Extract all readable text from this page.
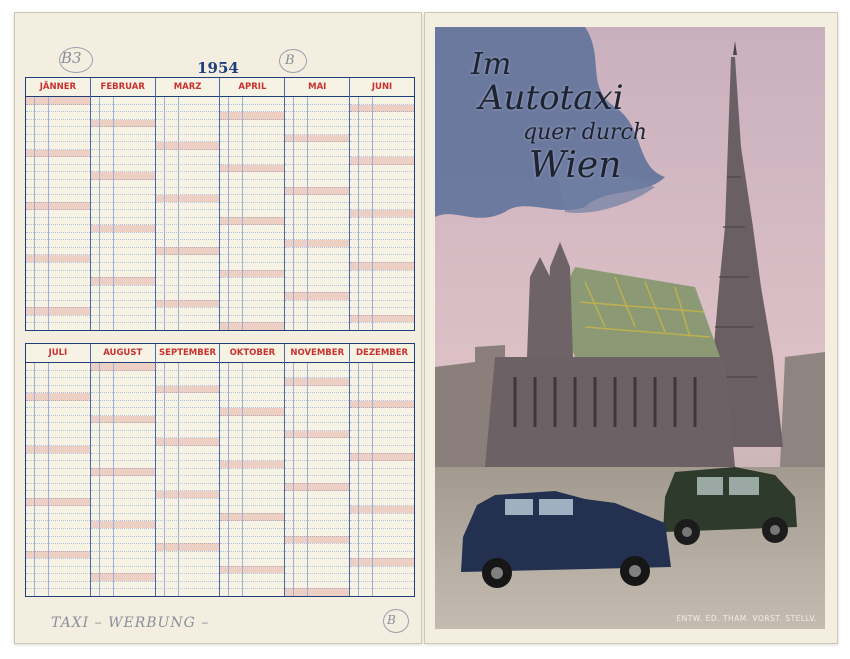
B3	B
1954
JÄNNER	FEBRUAR	MARZ	APRIL	MAI	JUNI
JULI	AUGUST	SEPTEMBER	OKTOBER	NOVEMBER	DEZEMBER
TAXI – WERBUNG –	B
Im
Autotaxi
quer durch
Wien
ENTW. ED. THAM. VORST. STELLV.
